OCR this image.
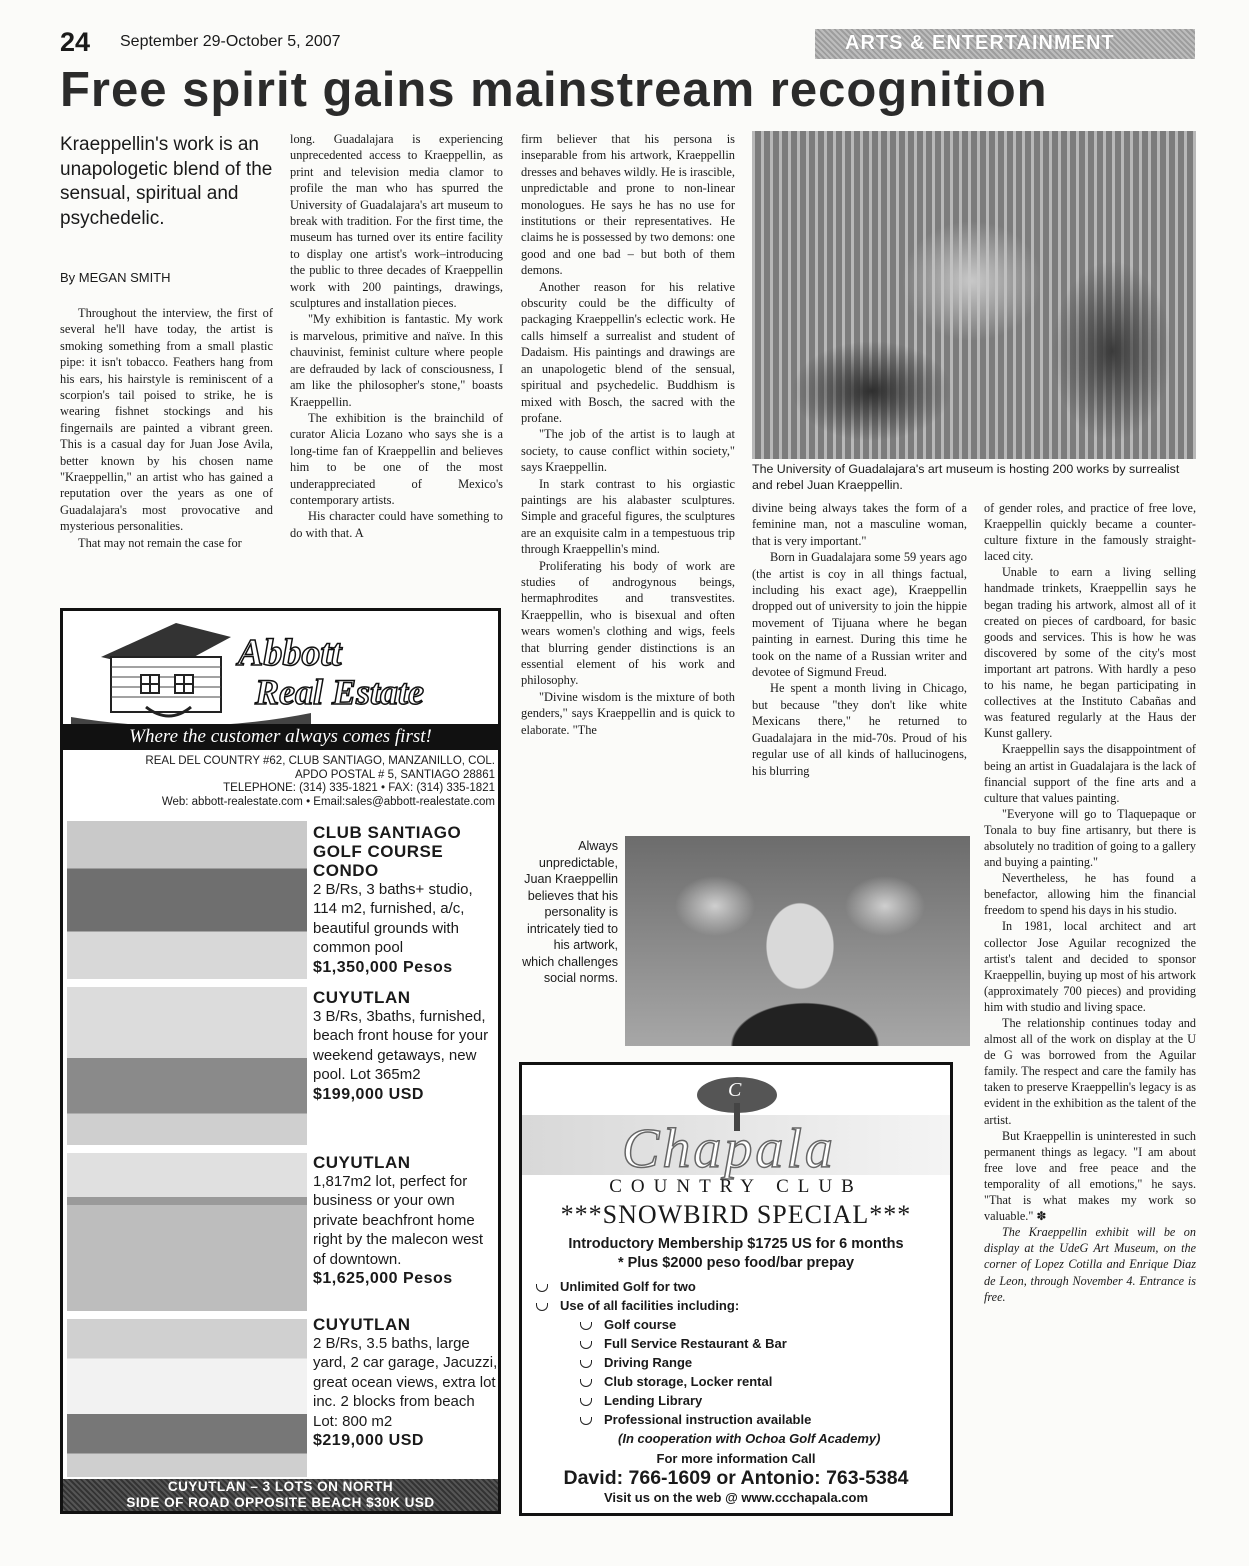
24 September 29-October 5, 2007	ARTS & ENTERTAINMENT
Free spirit gains mainstream recognition
Kraeppellin's work is an unapologetic blend of the sensual, spiritual and psychedelic.
By MEGAN SMITH

Throughout the interview, the first of several he'll have today, the artist is smoking something from a small plastic pipe: it isn't tobacco. Feathers hang from his ears, his hairstyle is reminiscent of a scorpion's tail poised to strike, he is wearing fishnet stockings and his fingernails are painted a vibrant green. This is a casual day for Juan Jose Avila, better known by his chosen name "Kraeppellin," an artist who has gained a reputation over the years as one of Guadalajara's most provocative and mysterious personalities.

That may not remain the case for

long. Guadalajara is experiencing unprecedented access to Kraeppellin, as print and television media clamor to profile the man who has spurred the University of Guadalajara's art museum to break with tradition. For the first time, the museum has turned over its entire facility to display one artist's work–introducing the public to three decades of Kraeppellin work with 200 paintings, drawings, sculptures and installation pieces.

"My exhibition is fantastic. My work is marvelous, primitive and naïve. In this chauvinist, feminist culture where people are defrauded by lack of consciousness, I am like the philosopher's stone," boasts Kraeppellin.

The exhibition is the brainchild of curator Alicia Lozano who says she is a long-time fan of Kraeppellin and believes him to be one of the most underappreciated of Mexico's contemporary artists.

His character could have something to do with that. A

firm believer that his persona is inseparable from his artwork, Kraeppellin dresses and behaves wildly. He is irascible, unpredictable and prone to non-linear monologues. He says he has no use for institutions or their representatives. He claims he is possessed by two demons: one good and one bad – but both of them demons.

Another reason for his relative obscurity could be the difficulty of packaging Kraeppellin's eclectic work. He calls himself a surrealist and student of Dadaism. His paintings and drawings are an unapologetic blend of the sensual, spiritual and psychedelic. Buddhism is mixed with Bosch, the sacred with the profane.

"The job of the artist is to laugh at society, to cause conflict within society," says Kraeppellin.

In stark contrast to his orgiastic paintings are his alabaster sculptures. Simple and graceful figures, the sculptures are an exquisite calm in a tempestuous trip through Kraeppellin's mind.

Proliferating his body of work are studies of androgynous beings, hermaphrodites and transvestites. Kraeppellin, who is bisexual and often wears women's clothing and wigs, feels that blurring gender distinctions is an essential element of his work and philosophy.

"Divine wisdom is the mixture of both genders," says Kraeppellin and is quick to elaborate. "The

The University of Guadalajara's art museum is hosting 200 works by surrealist and rebel Juan Kraeppellin.

divine being always takes the form of a feminine man, not a masculine woman, that is very important."

Born in Guadalajara some 59 years ago (the artist is coy in all things factual, including his exact age), Kraeppellin dropped out of university to join the hippie movement of Tijuana where he began painting in earnest. During this time he took on the name of a Russian writer and devotee of Sigmund Freud.

He spent a month living in Chicago, but because "they don't like white Mexicans there," he returned to Guadalajara in the mid-70s. Proud of his regular use of all kinds of hallucinogens, his blurring

of gender roles, and practice of free love, Kraeppellin quickly became a counter-culture fixture in the famously straight-laced city.

Unable to earn a living selling handmade trinkets, Kraeppellin says he began trading his artwork, almost all of it created on pieces of cardboard, for basic goods and services. This is how he was discovered by some of the city's most important art patrons. With hardly a peso to his name, he began participating in collectives at the Instituto Cabañas and was featured regularly at the Haus der Kunst gallery.

Kraeppellin says the disappointment of being an artist in Guadalajara is the lack of financial support of the fine arts and a culture that values painting.

"Everyone will go to Tlaquepaque or Tonala to buy fine artisanry, but there is absolutely no tradition of going to a gallery and buying a painting."

Nevertheless, he has found a benefactor, allowing him the financial freedom to spend his days in his studio.

In 1981, local architect and art collector Jose Aguilar recognized the artist's talent and decided to sponsor Kraeppellin, buying up most of his artwork (approximately 700 pieces) and providing him with studio and living space.

The relationship continues today and almost all of the work on display at the U de G was borrowed from the Aguilar family. The respect and care the family has taken to preserve Kraeppellin's legacy is as evident in the exhibition as the talent of the artist.

But Kraeppellin is uninterested in such permanent things as legacy. "I am about free love and free peace and the temporality of all emotions," he says. "That is what makes my work so valuable." ✽

The Kraeppellin exhibit will be on display at the UdeG Art Museum, on the corner of Lopez Cotilla and Enrique Diaz de Leon, through November 4. Entrance is free.

Always unpredictable, Juan Kraeppellin believes that his personality is intricately tied to his artwork, which challenges social norms.
Abbott
Real Estate
Where the customer always comes first!
REAL DEL COUNTRY #62, CLUB SANTIAGO, MANZANILLO, COL.
APDO POSTAL # 5, SANTIAGO 28861
TELEPHONE: (314) 335-1821 • FAX: (314) 335-1821
Web: abbott-realestate.com • Email:sales@abbott-realestate.com
CLUB SANTIAGO GOLF COURSE CONDO
2 B/Rs, 3 baths+ studio, 114 m2, furnished, a/c, beautiful grounds with common pool
$1,350,000 Pesos
CUYUTLAN
3 B/Rs, 3baths, furnished, beach front house for your weekend getaways, new pool. Lot 365m2
$199,000 USD
CUYUTLAN
1,817m2 lot, perfect for business or your own private beachfront home right by the malecon west of downtown.
$1,625,000 Pesos
CUYUTLAN
2 B/Rs, 3.5 baths, large yard, 2 car garage, Jacuzzi, great ocean views, extra lot inc. 2 blocks from beach Lot: 800 m2
$219,000 USD
CUYUTLAN – 3 LOTS ON NORTH
SIDE OF ROAD OPPOSITE BEACH $30K USD
C
Chapala
COUNTRY CLUB
***SNOWBIRD SPECIAL***
Introductory Membership $1725 US for 6 months
* Plus $2000 peso food/bar prepay
Unlimited Golf for two
Use of all facilities including:
Golf course
Full Service Restaurant & Bar
Driving Range
Club storage, Locker rental
Lending Library
Professional instruction available
(In cooperation with Ochoa Golf Academy)
For more information Call
David: 766-1609 or Antonio: 763-5384
Visit us on the web @ www.ccchapala.com
